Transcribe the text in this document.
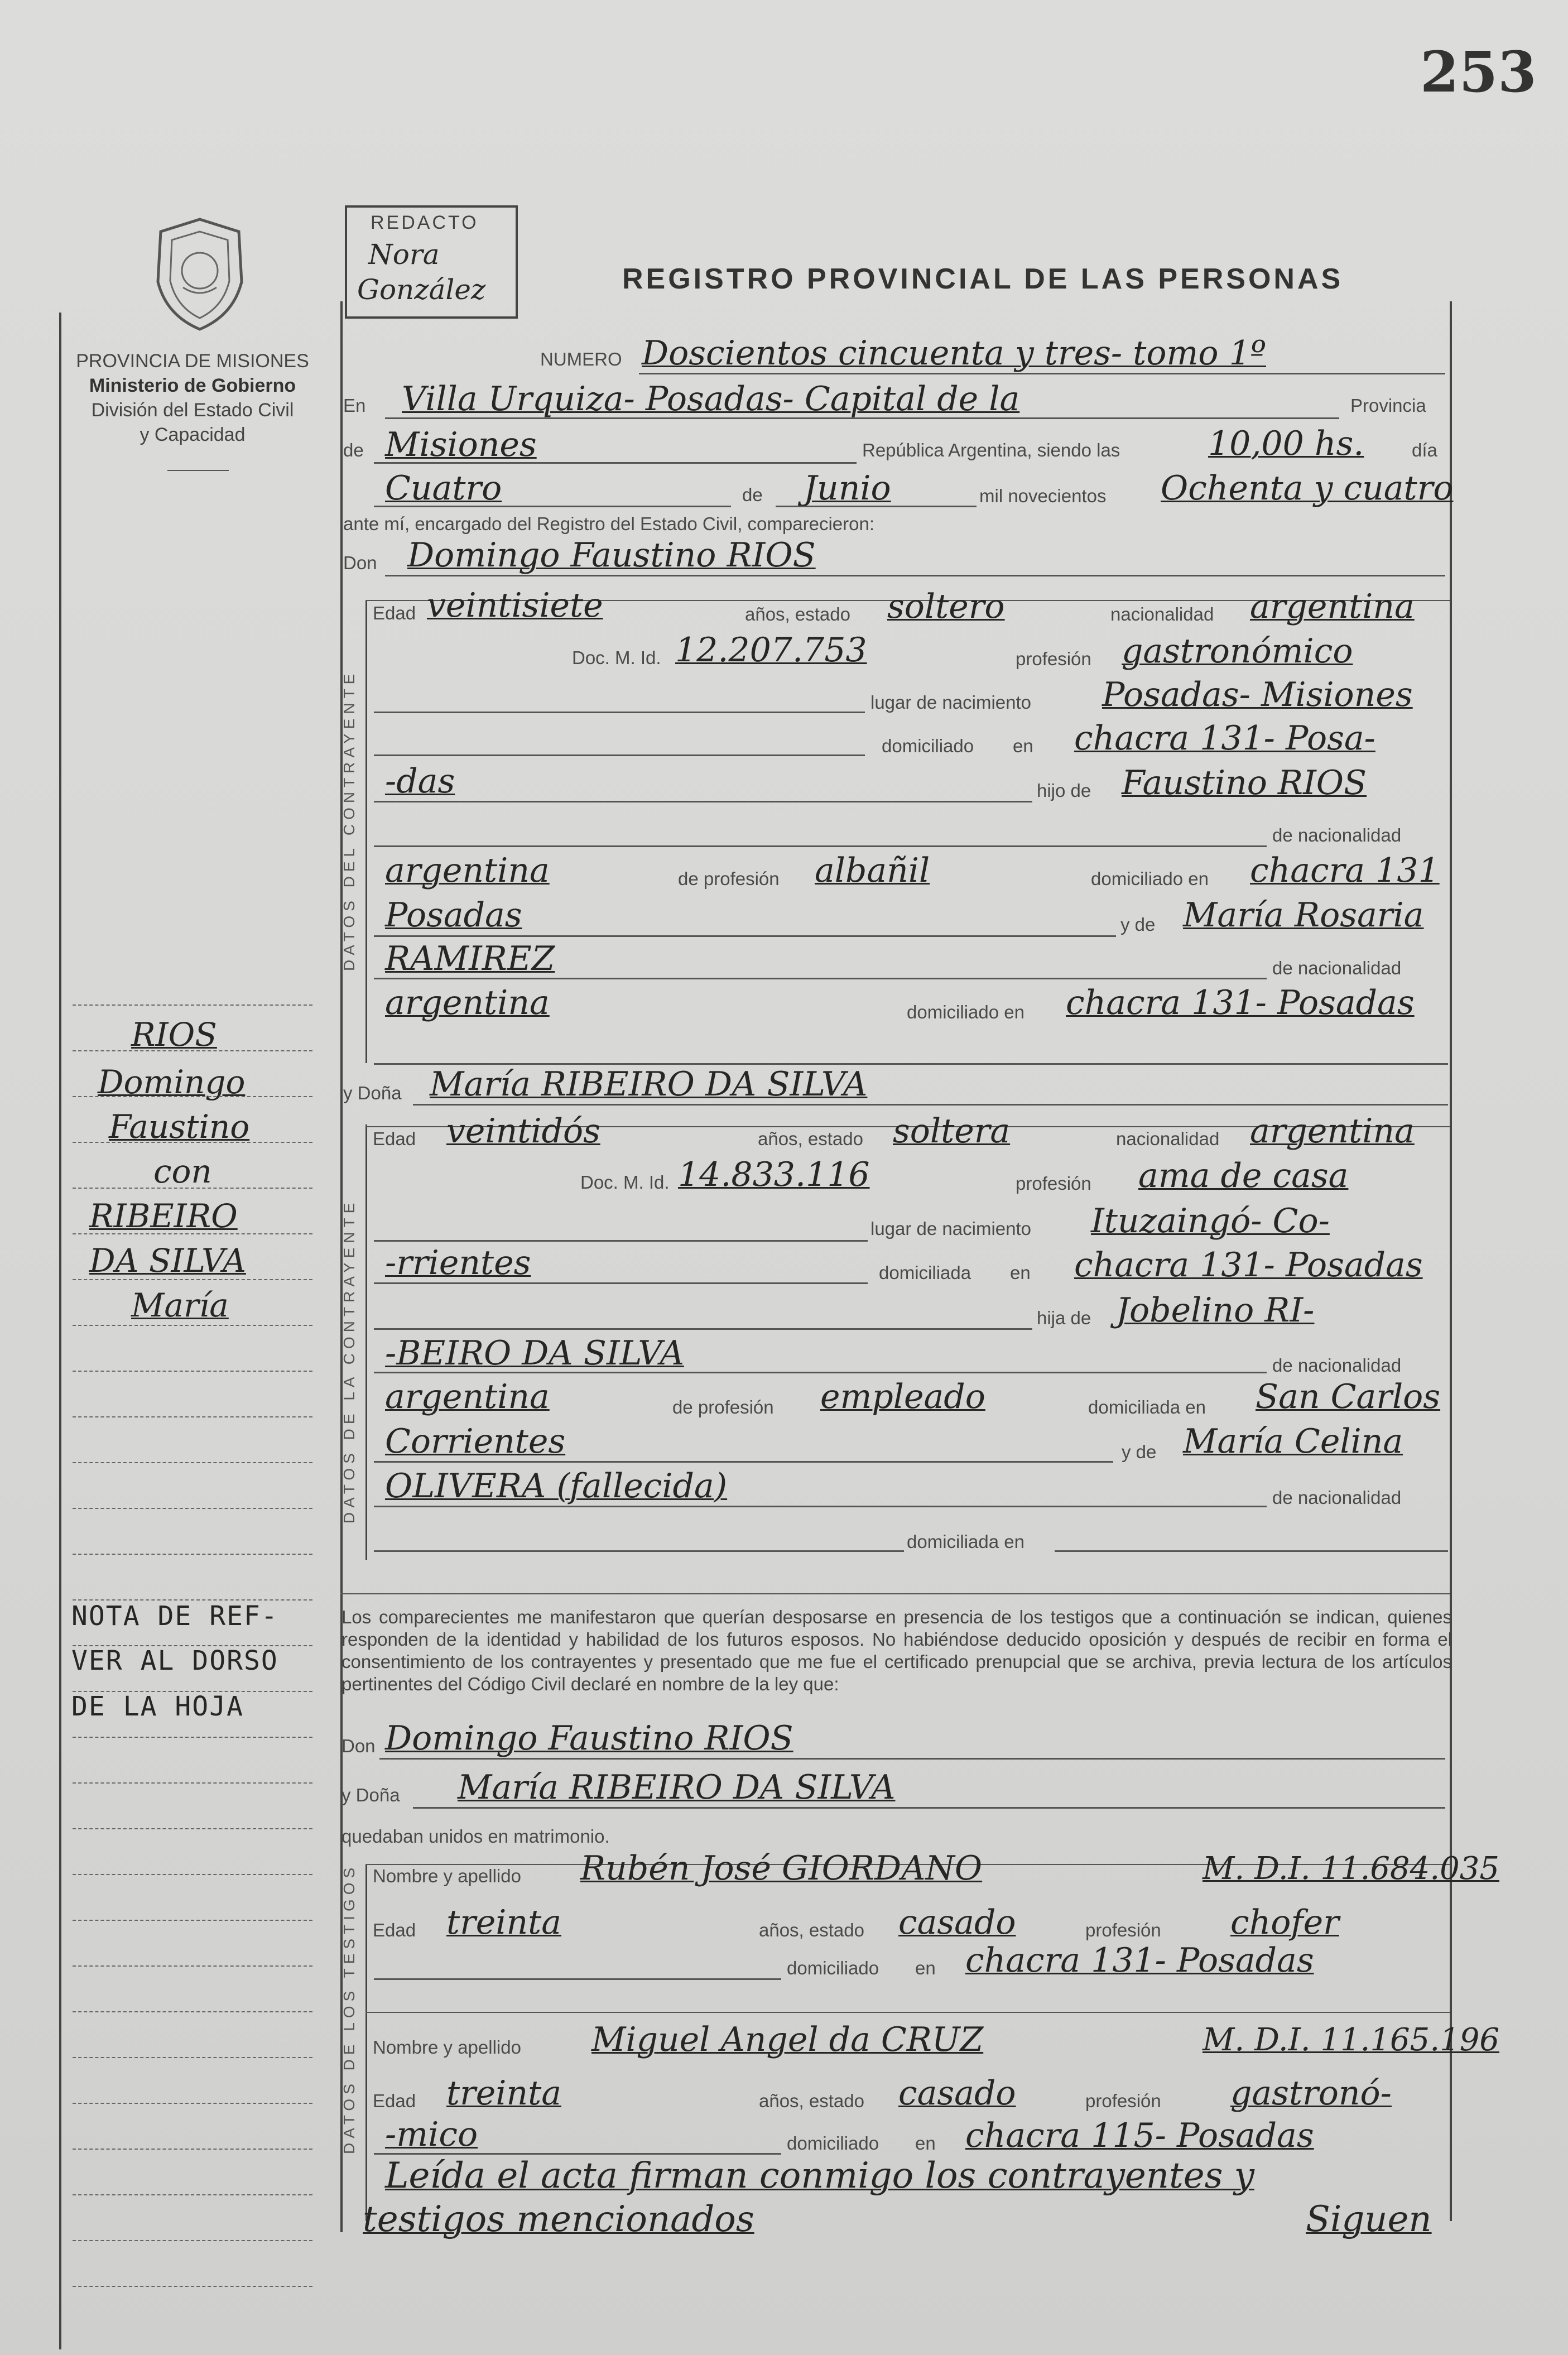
253
PROVINCIA DE MISIONES
Ministerio de Gobierno
División del Estado Civil
y Capacidad
REDACTO
Nora
González	REGISTRO PROVINCIAL DE LAS PERSONAS
NUMERO Doscientos cincuenta y tres- tomo 1º
En Villa Urquiza- Posadas- Capital de la	Provincia
de Misiones	República Argentina, siendo las	10,00 hs.	día
Cuatro	de Junio	mil novecientos Ochenta y cuatro
ante mí, encargado del Registro del Estado Civil, comparecieron:
Don Domingo Faustino RIOS
DATOS DEL CONTRAYENTE
Edad veintisiete	años, estado soltero	nacionalidad argentina
Doc. M. Id. 12.207.753	profesión gastronómico
lugar de nacimiento Posadas- Misiones
domiciliado en chacra 131- Posa-
-das	hijo de Faustino RIOS
de nacionalidad
argentina	de profesión albañil	domiciliado en chacra 131
Posadas	y de María Rosaria
RAMIREZ	de nacionalidad
argentina	domiciliado en chacra 131- Posadas
y Doña María RIBEIRO DA SILVA
DATOS DE LA CONTRAYENTE
Edad veintidós	años, estado soltera	nacionalidad argentina
Doc. M. Id. 14.833.116	profesión ama de casa
lugar de nacimiento Ituzaingó- Co-
-rrientes	domiciliada en chacra 131- Posadas
hija de Jobelino RI-
-BEIRO DA SILVA	de nacionalidad
argentina	de profesión empleado	domiciliada en San Carlos
Corrientes	y de María Celina
OLIVERA (fallecida)	de nacionalidad
domiciliada en
RIOS
Domingo
Faustino
con
RIBEIRO
DA SILVA
María
NOTA DE REF-
VER AL DORSO
DE LA HOJA
Los comparecientes me manifestaron que querían desposarse en presencia de los testigos que a continuación se indican, quienes responden de la identidad y habilidad de los futuros esposos. No habiéndose deducido oposición y después de recibir en forma el consentimiento de los contrayentes y presentado que me fue el certificado prenupcial que se archiva, previa lectura de los artículos pertinentes del Código Civil declaré en nombre de la ley que:
Don Domingo Faustino RIOS
y Doña María RIBEIRO DA SILVA
quedaban unidos en matrimonio.
DATOS DE LOS TESTIGOS Nombre y apellido Rubén José GIORDANO	M. D.I. 11.684.035
Edad treinta	años, estado casado	profesión chofer
domiciliado en chacra 131- Posadas
Nombre y apellido Miguel Angel da CRUZ	M. D.I. 11.165.196
Edad treinta	años, estado casado	profesión gastronó-
-mico	domiciliado en chacra 115- Posadas
Leída el acta firman conmigo los contrayentes y
testigos mencionados	Siguen
